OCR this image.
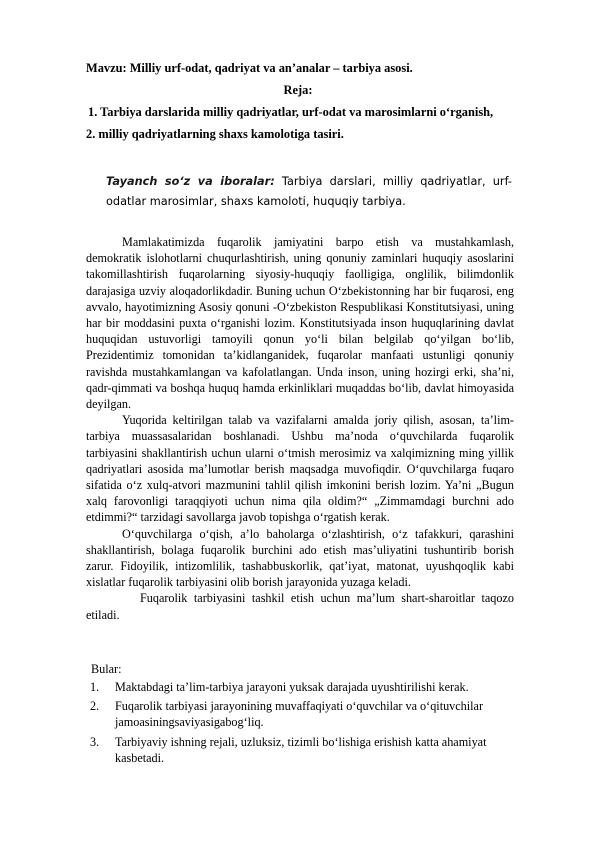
Mavzu: Milliy urf-odat, qadriyat va an’analar – tarbiya asosi.
Reja:
1. Tarbiya darslarida milliy qadriyatlar, urf-odat va marosimlarni o‘rganish,
2. milliy qadriyatlarning shaxs kamolotiga tasiri.
Tayanch so‘z va iboralar: Tarbiya darslari, milliy qadriyatlar, urf-odatlar marosimlar, shaxs kamoloti, huquqiy tarbiya.

Mamlakatimizda fuqarolik jamiyatini barpo etish va mustahkamlash, demokratik islohotlarni chuqurlashtirish, uning qonuniy zaminlari huquqiy asoslarini takomillashtirish fuqarolarning siyosiy-huquqiy faolligiga, onglilik, bilimdonlik darajasiga uzviy aloqadorlikdadir. Buning uchun O‘zbekistonning har bir fuqarosi, eng avvalo, hayotimizning Asosiy qonuni -O‘zbekiston Respublikasi Konstitutsiyasi, uning har bir moddasini puxta o‘rganishi lozim. Konstitutsiyada inson huquqlarining davlat huquqidan ustuvorligi tamoyili qonun yo‘li bilan belgilab qo‘yilgan bo‘lib, Prezidentimiz tomonidan ta’kidlanganidek, fuqarolar manfaati ustunligi qonuniy ravishda mustahkamlangan va kafolatlangan. Unda inson, uning hozirgi erki, sha’ni, qadr-qimmati va boshqa huquq hamda erkinliklari muqaddas bo‘lib, davlat himoyasida deyilgan.

Yuqorida keltirilgan talab va vazifalarni amalda joriy qilish, asosan, ta’lim-tarbiya muassasalaridan boshlanadi. Ushbu ma’noda o‘quvchilarda fuqarolik tarbiyasini shakllantirish uchun ularni o‘tmish merosimiz va xalqimizning ming yillik qadriyatlari asosida ma’lumotlar berish maqsadga muvofiqdir. O‘quvchilarga fuqaro sifatida o‘z xulq-atvori mazmunini tahlil qilish imkonini berish lozim. Ya’ni „Bugun xalq farovonligi taraqqiyoti uchun nima qila oldim?“ „Zimmamdagi burchni ado etdimmi?“ tarzidagi savollarga javob topishga o‘rgatish kerak.

O‘quvchilarga o‘qish, a’lo baholarga o‘zlashtirish, o‘z tafakkuri, qarashini shakllantirish, bolaga fuqarolik burchini ado etish mas’uliyatini tushuntirib borish zarur. Fidoyilik, intizomlilik, tashabbuskorlik, qat’iyat, matonat, uyushqoqlik kabi xislatlar fuqarolik tarbiyasini olib borish jarayonida yuzaga keladi.

Fuqarolik tarbiyasini tashkil etish uchun ma’lum shart-sharoitlar taqozo etiladi.

Bular:
1. Maktabdagi ta’lim-tarbiya jarayoni yuksak darajada uyushtirilishi kerak.
2. Fuqarolik tarbiyasi jarayonining muvaffaqiyati o‘quvchilar va o‘qituvchilar jamoasiningsaviyasigabog‘liq.
3. Tarbiyaviy ishning rejali, uzluksiz, tizimli bo‘lishiga erishish katta ahamiyat kasbetadi.
